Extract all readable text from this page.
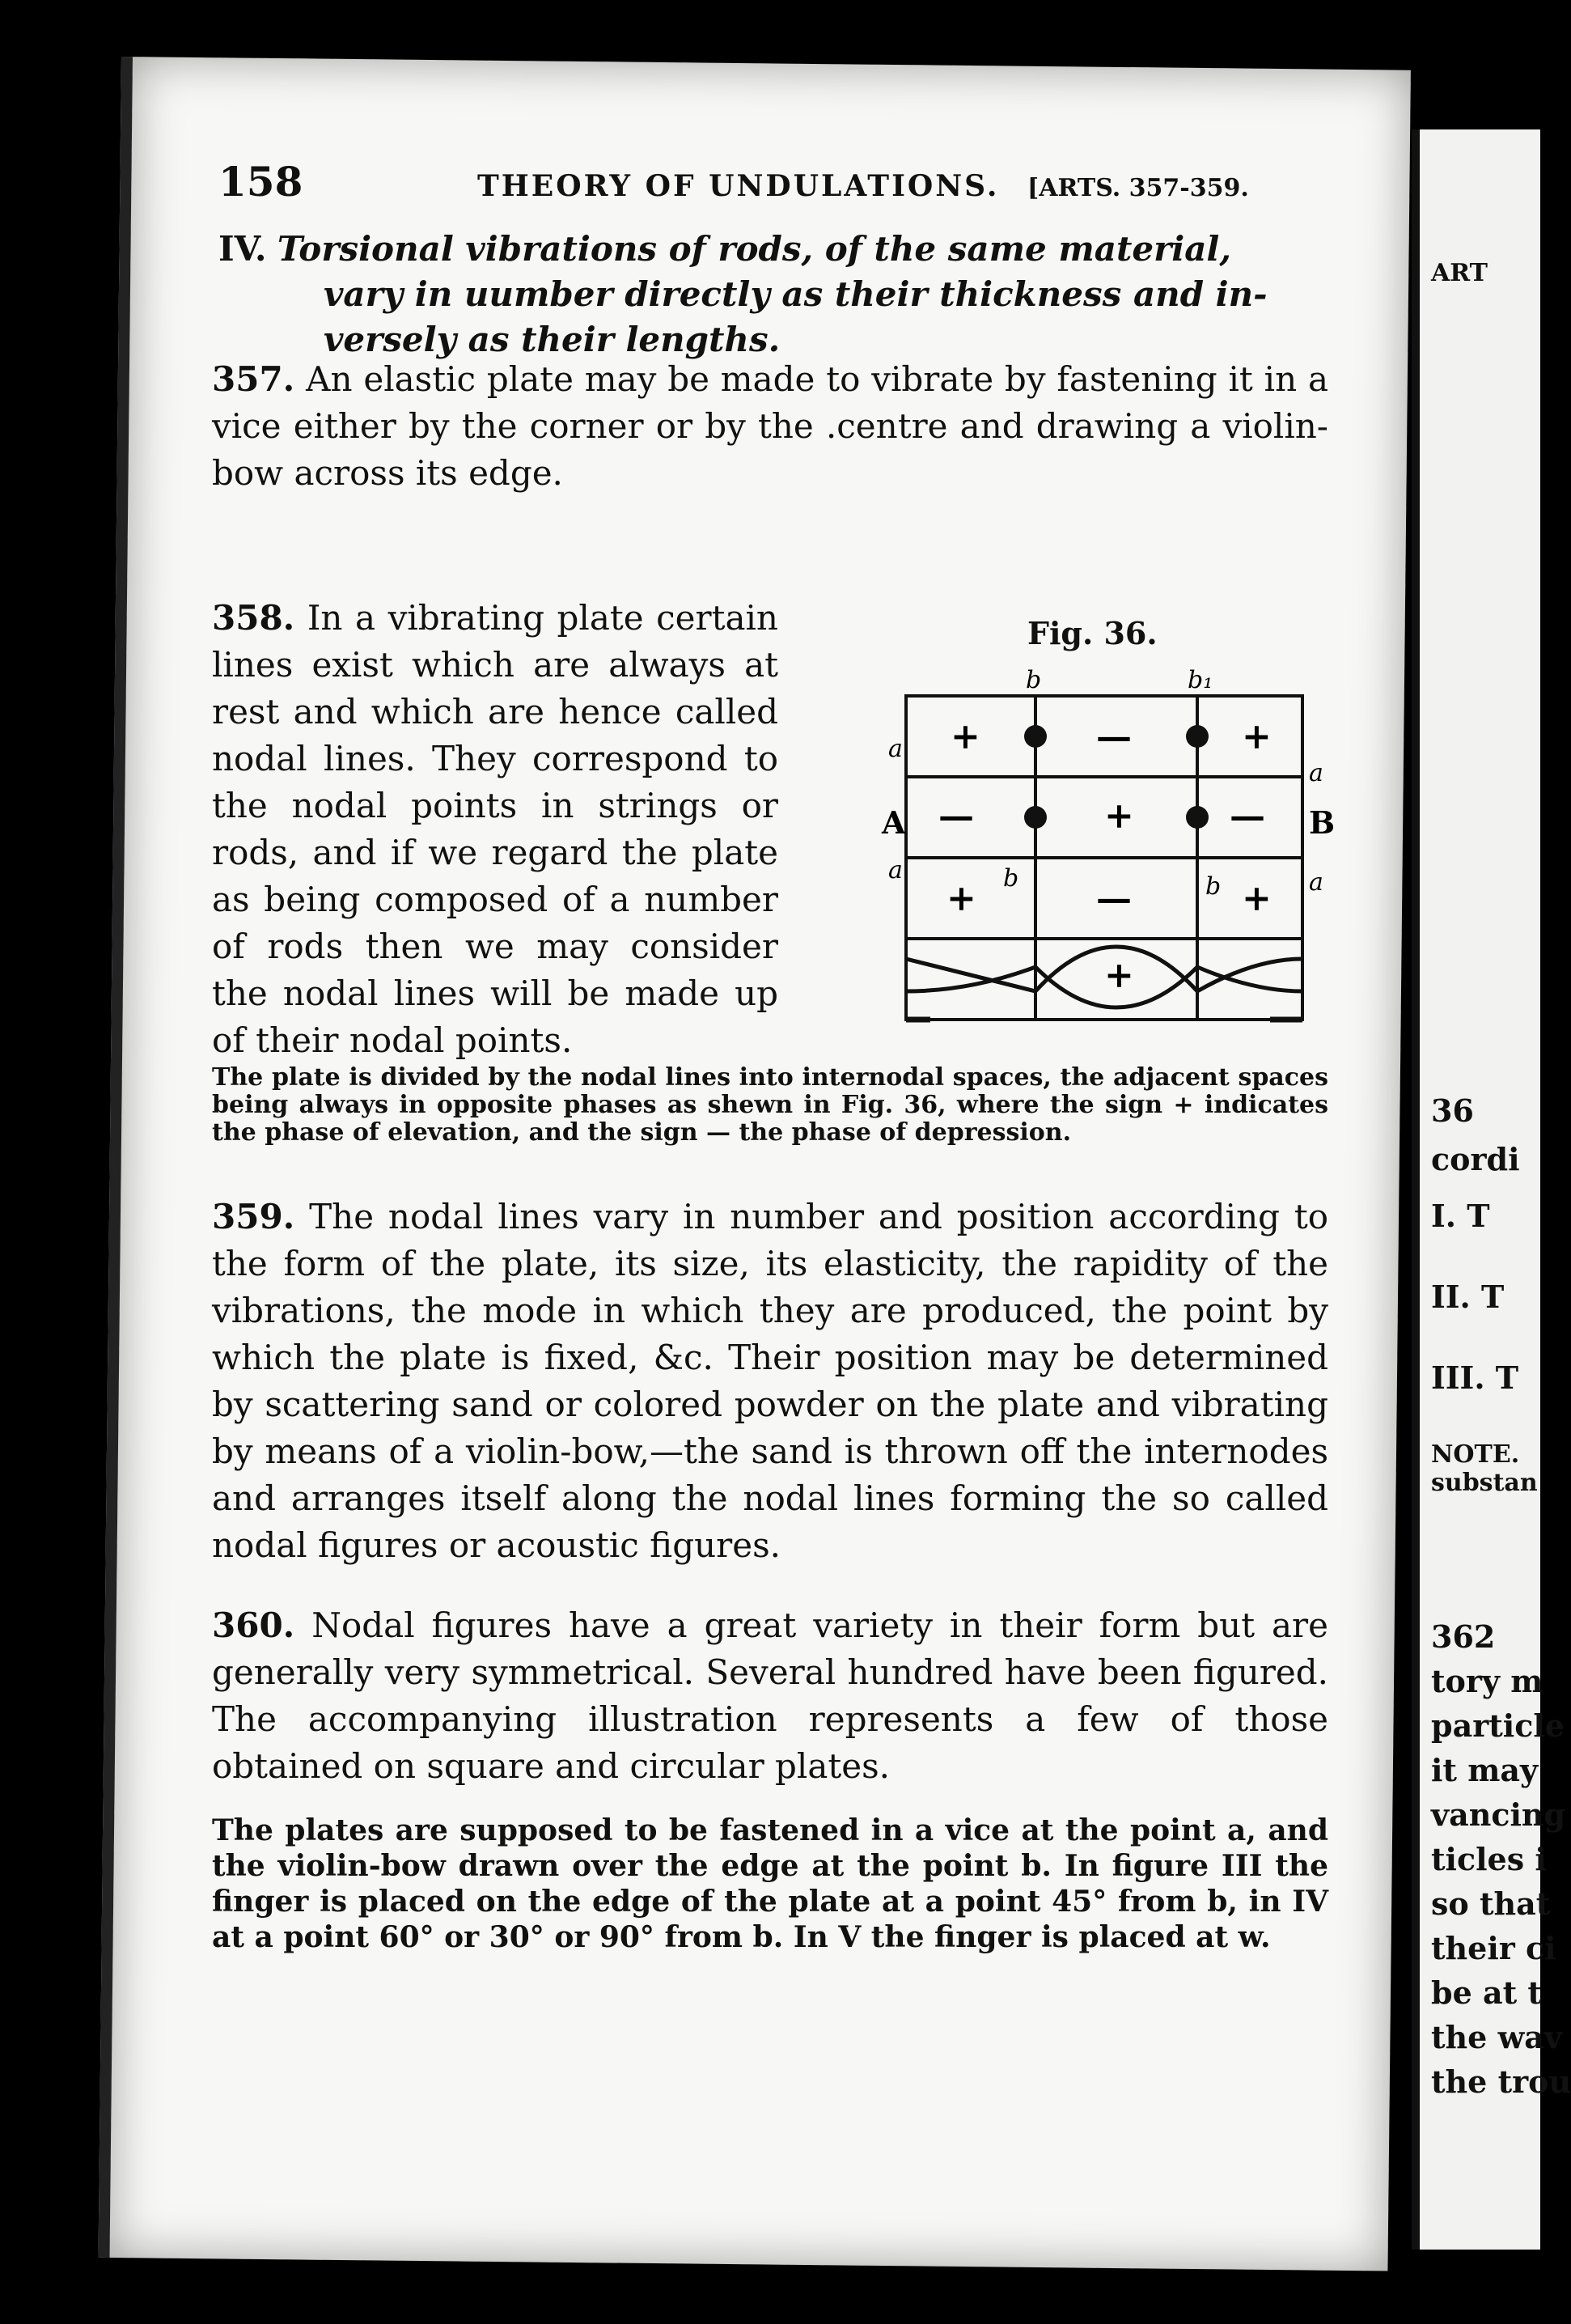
ART
36
cordi
I. T
II. T
III. T
NOTE.
substan
362
tory m
particle
it may
vancing
ticles i
so that
their ci
be at t
the wav
the trou
158	THEORY OF UNDULATIONS. [ARTS. 357-359.
IV. Torsional vibrations of rods, of the same material,
vary in uumber directly as their thickness and in-
versely as their lengths.
357. An elastic plate may be made to vibrate by fastening it in a vice either by the corner or by the .centre and drawing a violin-bow across its edge.
358. In a vibrating plate certain lines exist which are always at rest and which are hence called nodal lines. They correspond to the nodal points in strings or rods, and if we regard the plate as being composed of a number of rods then we may consider the nodal lines will be made up of their nodal points.
Fig. 36.
+	—	+
—	+	—
+	—	+
+
A	B
a
a
a
a
b	b₁
b	b
The plate is divided by the nodal lines into internodal spaces, the adjacent spaces being always in opposite phases as shewn in Fig. 36, where the sign + indicates the phase of elevation, and the sign — the phase of depression.
359. The nodal lines vary in number and position according to the form of the plate, its size, its elasticity, the rapidity of the vibrations, the mode in which they are produced, the point by which the plate is fixed, &c. Their position may be determined by scattering sand or colored powder on the plate and vibrating by means of a violin-bow,—the sand is thrown off the internodes and arranges itself along the nodal lines forming the so called nodal figures or acoustic figures.
360. Nodal figures have a great variety in their form but are generally very symmetrical. Several hundred have been figured. The accompanying illustration represents a few of those obtained on square and circular plates.
The plates are supposed to be fastened in a vice at the point a, and the violin-bow drawn over the edge at the point b. In figure III the finger is placed on the edge of the plate at a point 45° from b, in IV at a point 60° or 30° or 90° from b. In V the finger is placed at w.
